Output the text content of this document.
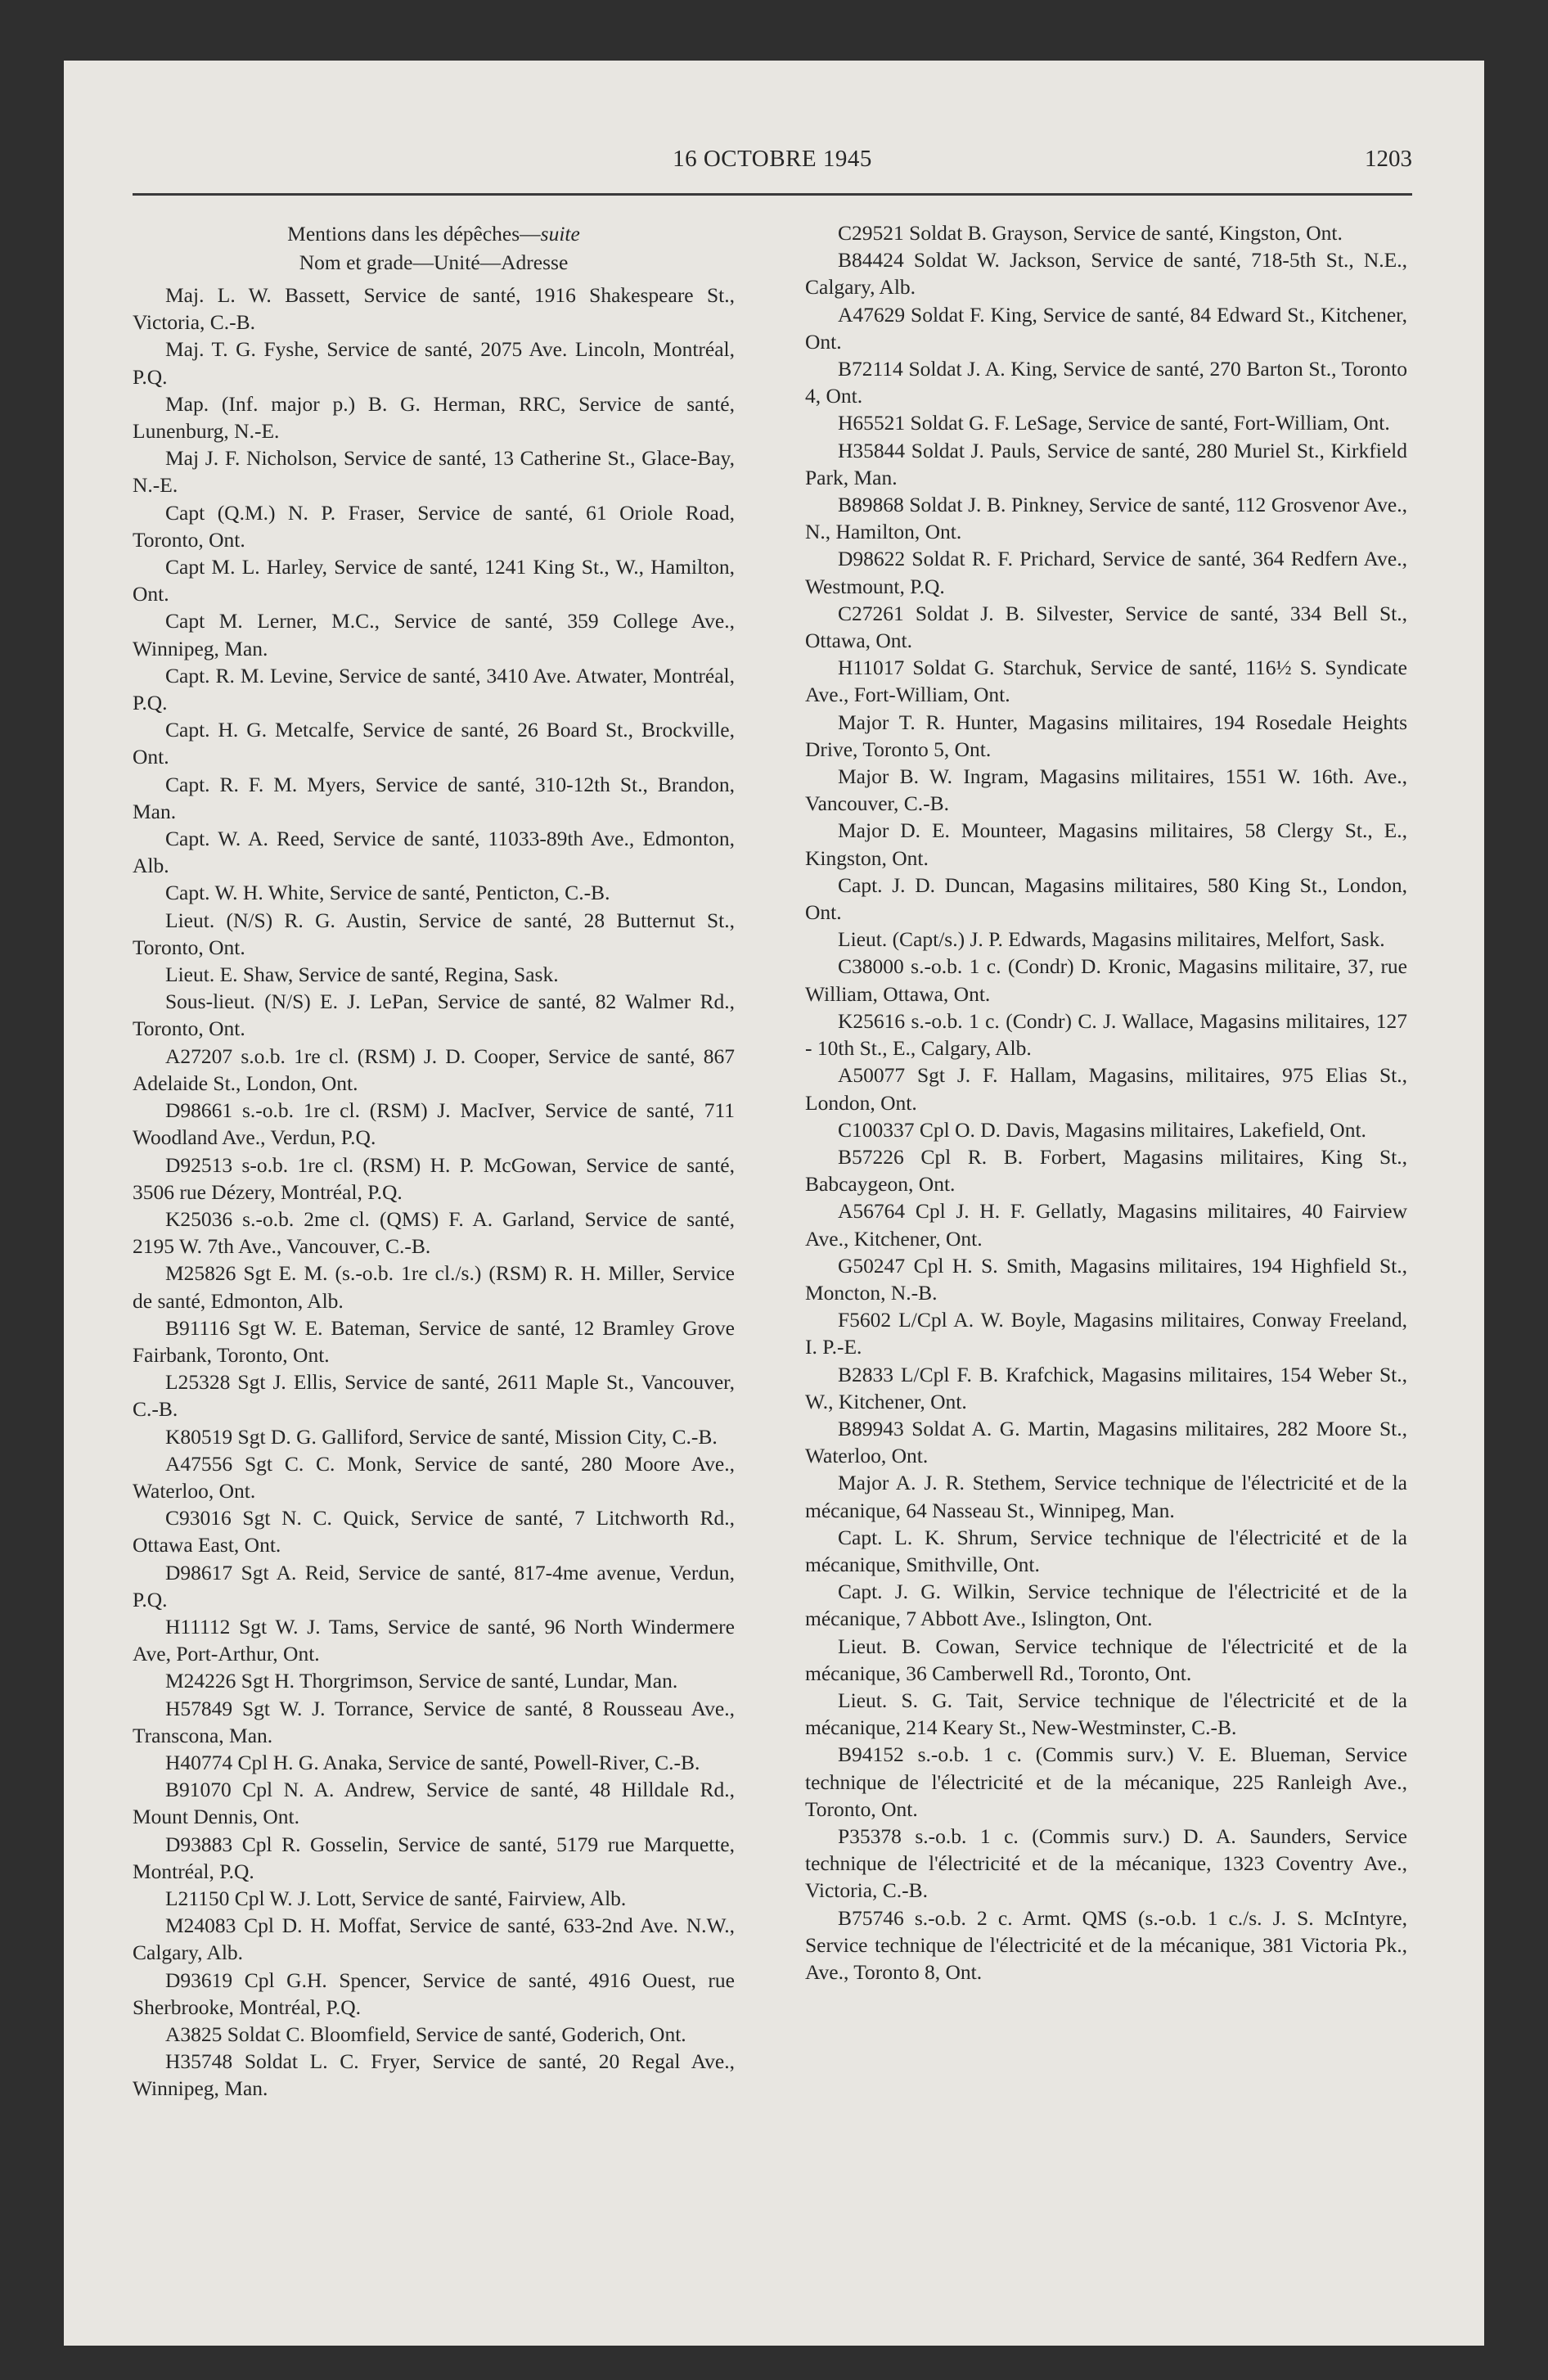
16 OCTOBRE 1945	1203
Mentions dans les dépêches—suite
Nom et grade—Unité—Adresse

Maj. L. W. Bassett, Service de santé, 1916 Shakespeare St., Victoria, C.-B.

Maj. T. G. Fyshe, Service de santé, 2075 Ave. Lincoln, Montréal, P.Q.

Map. (Inf. major p.) B. G. Herman, RRC, Service de santé, Lunenburg, N.-E.

Maj J. F. Nicholson, Service de santé, 13 Catherine St., Glace-Bay, N.-E.

Capt (Q.M.) N. P. Fraser, Service de santé, 61 Oriole Road, Toronto, Ont.

Capt M. L. Harley, Service de santé, 1241 King St., W., Hamilton, Ont.

Capt M. Lerner, M.C., Service de santé, 359 College Ave., Winnipeg, Man.

Capt. R. M. Levine, Service de santé, 3410 Ave. Atwater, Montréal, P.Q.

Capt. H. G. Metcalfe, Service de santé, 26 Board St., Brockville, Ont.

Capt. R. F. M. Myers, Service de santé, 310-12th St., Brandon, Man.

Capt. W. A. Reed, Service de santé, 11033-89th Ave., Edmonton, Alb.

Capt. W. H. White, Service de santé, Penticton, C.-B.

Lieut. (N/S) R. G. Austin, Service de santé, 28 Butternut St., Toronto, Ont.

Lieut. E. Shaw, Service de santé, Regina, Sask.

Sous-lieut. (N/S) E. J. LePan, Service de santé, 82 Walmer Rd., Toronto, Ont.

A27207 s.o.b. 1re cl. (RSM) J. D. Cooper, Service de santé, 867 Adelaide St., London, Ont.

D98661 s.-o.b. 1re cl. (RSM) J. MacIver, Service de santé, 711 Woodland Ave., Verdun, P.Q.

D92513 s-o.b. 1re cl. (RSM) H. P. McGowan, Service de santé, 3506 rue Dézery, Montréal, P.Q.

K25036 s.-o.b. 2me cl. (QMS) F. A. Garland, Service de santé, 2195 W. 7th Ave., Vancouver, C.-B.

M25826 Sgt E. M. (s.-o.b. 1re cl./s.) (RSM) R. H. Miller, Service de santé, Edmonton, Alb.

B91116 Sgt W. E. Bateman, Service de santé, 12 Bramley Grove Fairbank, Toronto, Ont.

L25328 Sgt J. Ellis, Service de santé, 2611 Maple St., Vancouver, C.-B.

K80519 Sgt D. G. Galliford, Service de santé, Mission City, C.-B.

A47556 Sgt C. C. Monk, Service de santé, 280 Moore Ave., Waterloo, Ont.

C93016 Sgt N. C. Quick, Service de santé, 7 Litchworth Rd., Ottawa East, Ont.

D98617 Sgt A. Reid, Service de santé, 817-4me avenue, Verdun, P.Q.

H11112 Sgt W. J. Tams, Service de santé, 96 North Windermere Ave, Port-Arthur, Ont.

M24226 Sgt H. Thorgrimson, Service de santé, Lundar, Man.

H57849 Sgt W. J. Torrance, Service de santé, 8 Rousseau Ave., Transcona, Man.

H40774 Cpl H. G. Anaka, Service de santé, Powell-River, C.-B.

B91070 Cpl N. A. Andrew, Service de santé, 48 Hilldale Rd., Mount Dennis, Ont.

D93883 Cpl R. Gosselin, Service de santé, 5179 rue Marquette, Montréal, P.Q.

L21150 Cpl W. J. Lott, Service de santé, Fairview, Alb.

M24083 Cpl D. H. Moffat, Service de santé, 633-2nd Ave. N.W., Calgary, Alb.

D93619 Cpl G.H. Spencer, Service de santé, 4916 Ouest, rue Sherbrooke, Montréal, P.Q.

A3825 Soldat C. Bloomfield, Service de santé, Goderich, Ont.

H35748 Soldat L. C. Fryer, Service de santé, 20 Regal Ave., Winnipeg, Man.

C29521 Soldat B. Grayson, Service de santé, Kingston, Ont.

B84424 Soldat W. Jackson, Service de santé, 718-5th St., N.E., Calgary, Alb.

A47629 Soldat F. King, Service de santé, 84 Edward St., Kitchener, Ont.

B72114 Soldat J. A. King, Service de santé, 270 Barton St., Toronto 4, Ont.

H65521 Soldat G. F. LeSage, Service de santé, Fort-William, Ont.

H35844 Soldat J. Pauls, Service de santé, 280 Muriel St., Kirkfield Park, Man.

B89868 Soldat J. B. Pinkney, Service de santé, 112 Grosvenor Ave., N., Hamilton, Ont.

D98622 Soldat R. F. Prichard, Service de santé, 364 Redfern Ave., Westmount, P.Q.

C27261 Soldat J. B. Silvester, Service de santé, 334 Bell St., Ottawa, Ont.

H11017 Soldat G. Starchuk, Service de santé, 116½ S. Syndicate Ave., Fort-William, Ont.

Major T. R. Hunter, Magasins militaires, 194 Rosedale Heights Drive, Toronto 5, Ont.

Major B. W. Ingram, Magasins militaires, 1551 W. 16th. Ave., Vancouver, C.-B.

Major D. E. Mounteer, Magasins militaires, 58 Clergy St., E., Kingston, Ont.

Capt. J. D. Duncan, Magasins militaires, 580 King St., London, Ont.

Lieut. (Capt/s.) J. P. Edwards, Magasins militaires, Melfort, Sask.

C38000 s.-o.b. 1 c. (Condr) D. Kronic, Magasins militaire, 37, rue William, Ottawa, Ont.

K25616 s.-o.b. 1 c. (Condr) C. J. Wallace, Magasins militaires, 127 - 10th St., E., Calgary, Alb.

A50077 Sgt J. F. Hallam, Magasins, militaires, 975 Elias St., London, Ont.

C100337 Cpl O. D. Davis, Magasins militaires, Lakefield, Ont.

B57226 Cpl R. B. Forbert, Magasins militaires, King St., Babcaygeon, Ont.

A56764 Cpl J. H. F. Gellatly, Magasins militaires, 40 Fairview Ave., Kitchener, Ont.

G50247 Cpl H. S. Smith, Magasins militaires, 194 Highfield St., Moncton, N.-B.

F5602 L/Cpl A. W. Boyle, Magasins militaires, Conway Freeland, I. P.-E.

B2833 L/Cpl F. B. Krafchick, Magasins militaires, 154 Weber St., W., Kitchener, Ont.

B89943 Soldat A. G. Martin, Magasins militaires, 282 Moore St., Waterloo, Ont.

Major A. J. R. Stethem, Service technique de l'électricité et de la mécanique, 64 Nasseau St., Winnipeg, Man.

Capt. L. K. Shrum, Service technique de l'électricité et de la mécanique, Smithville, Ont.

Capt. J. G. Wilkin, Service technique de l'électricité et de la mécanique, 7 Abbott Ave., Islington, Ont.

Lieut. B. Cowan, Service technique de l'électricité et de la mécanique, 36 Camberwell Rd., Toronto, Ont.

Lieut. S. G. Tait, Service technique de l'électricité et de la mécanique, 214 Keary St., New-Westminster, C.-B.

B94152 s.-o.b. 1 c. (Commis surv.) V. E. Blueman, Service technique de l'électricité et de la mécanique, 225 Ranleigh Ave., Toronto, Ont.

P35378 s.-o.b. 1 c. (Commis surv.) D. A. Saunders, Service technique de l'électricité et de la mécanique, 1323 Coventry Ave., Victoria, C.-B.

B75746 s.-o.b. 2 c. Armt. QMS (s.-o.b. 1 c./s. J. S. McIntyre, Service technique de l'électricité et de la mécanique, 381 Victoria Pk., Ave., Toronto 8, Ont.
